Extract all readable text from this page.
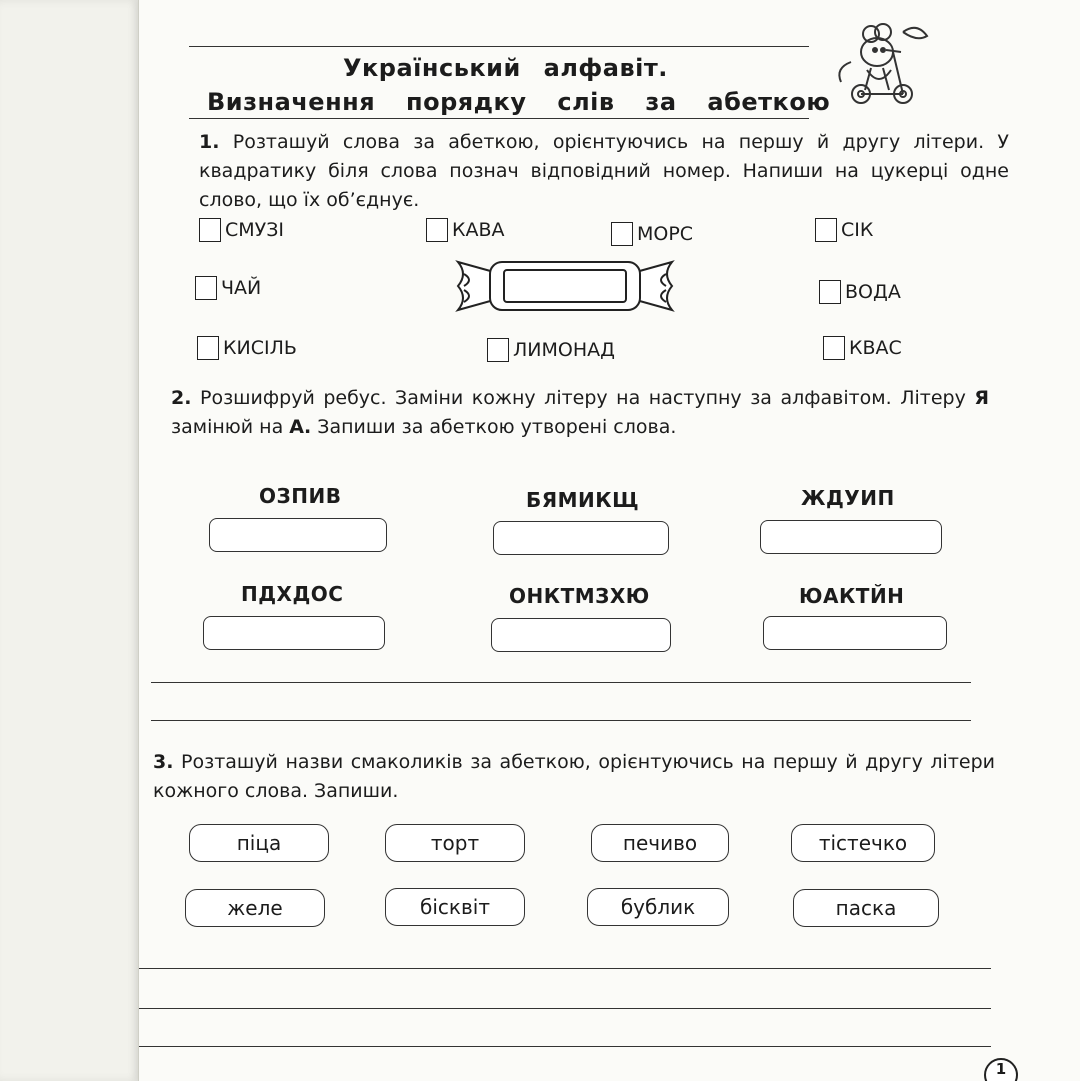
Український алфавіт.
Визначення порядку слів за абеткою
1. Розташуй слова за абеткою, орієнтуючись на першу й другу літери. У квадратику біля слова познач відповідний номер. Напиши на цукерці одне слово, що їх об’єднує.
СМУЗІ	КАВА	МОРС	СІК
ЧАЙ	ВОДА
КИСІЛЬ	ЛИМОНАД	КВАС
2. Розшифруй ребус. Заміни кожну літеру на наступну за алфавітом. Літеру Я замінюй на А. Запиши за абеткою утворені слова.
ОЗПИВ	БЯМИКЩ	ЖДУИП
ПДХДОС	ОНКТМЗХЮ	ЮАКТЙН
3. Розташуй назви смаколиків за абеткою, орієнтуючись на першу й другу літери кожного слова. Запиши.
піца	торт	печиво	тістечко
желе	бісквіт	бублик	паска
1
